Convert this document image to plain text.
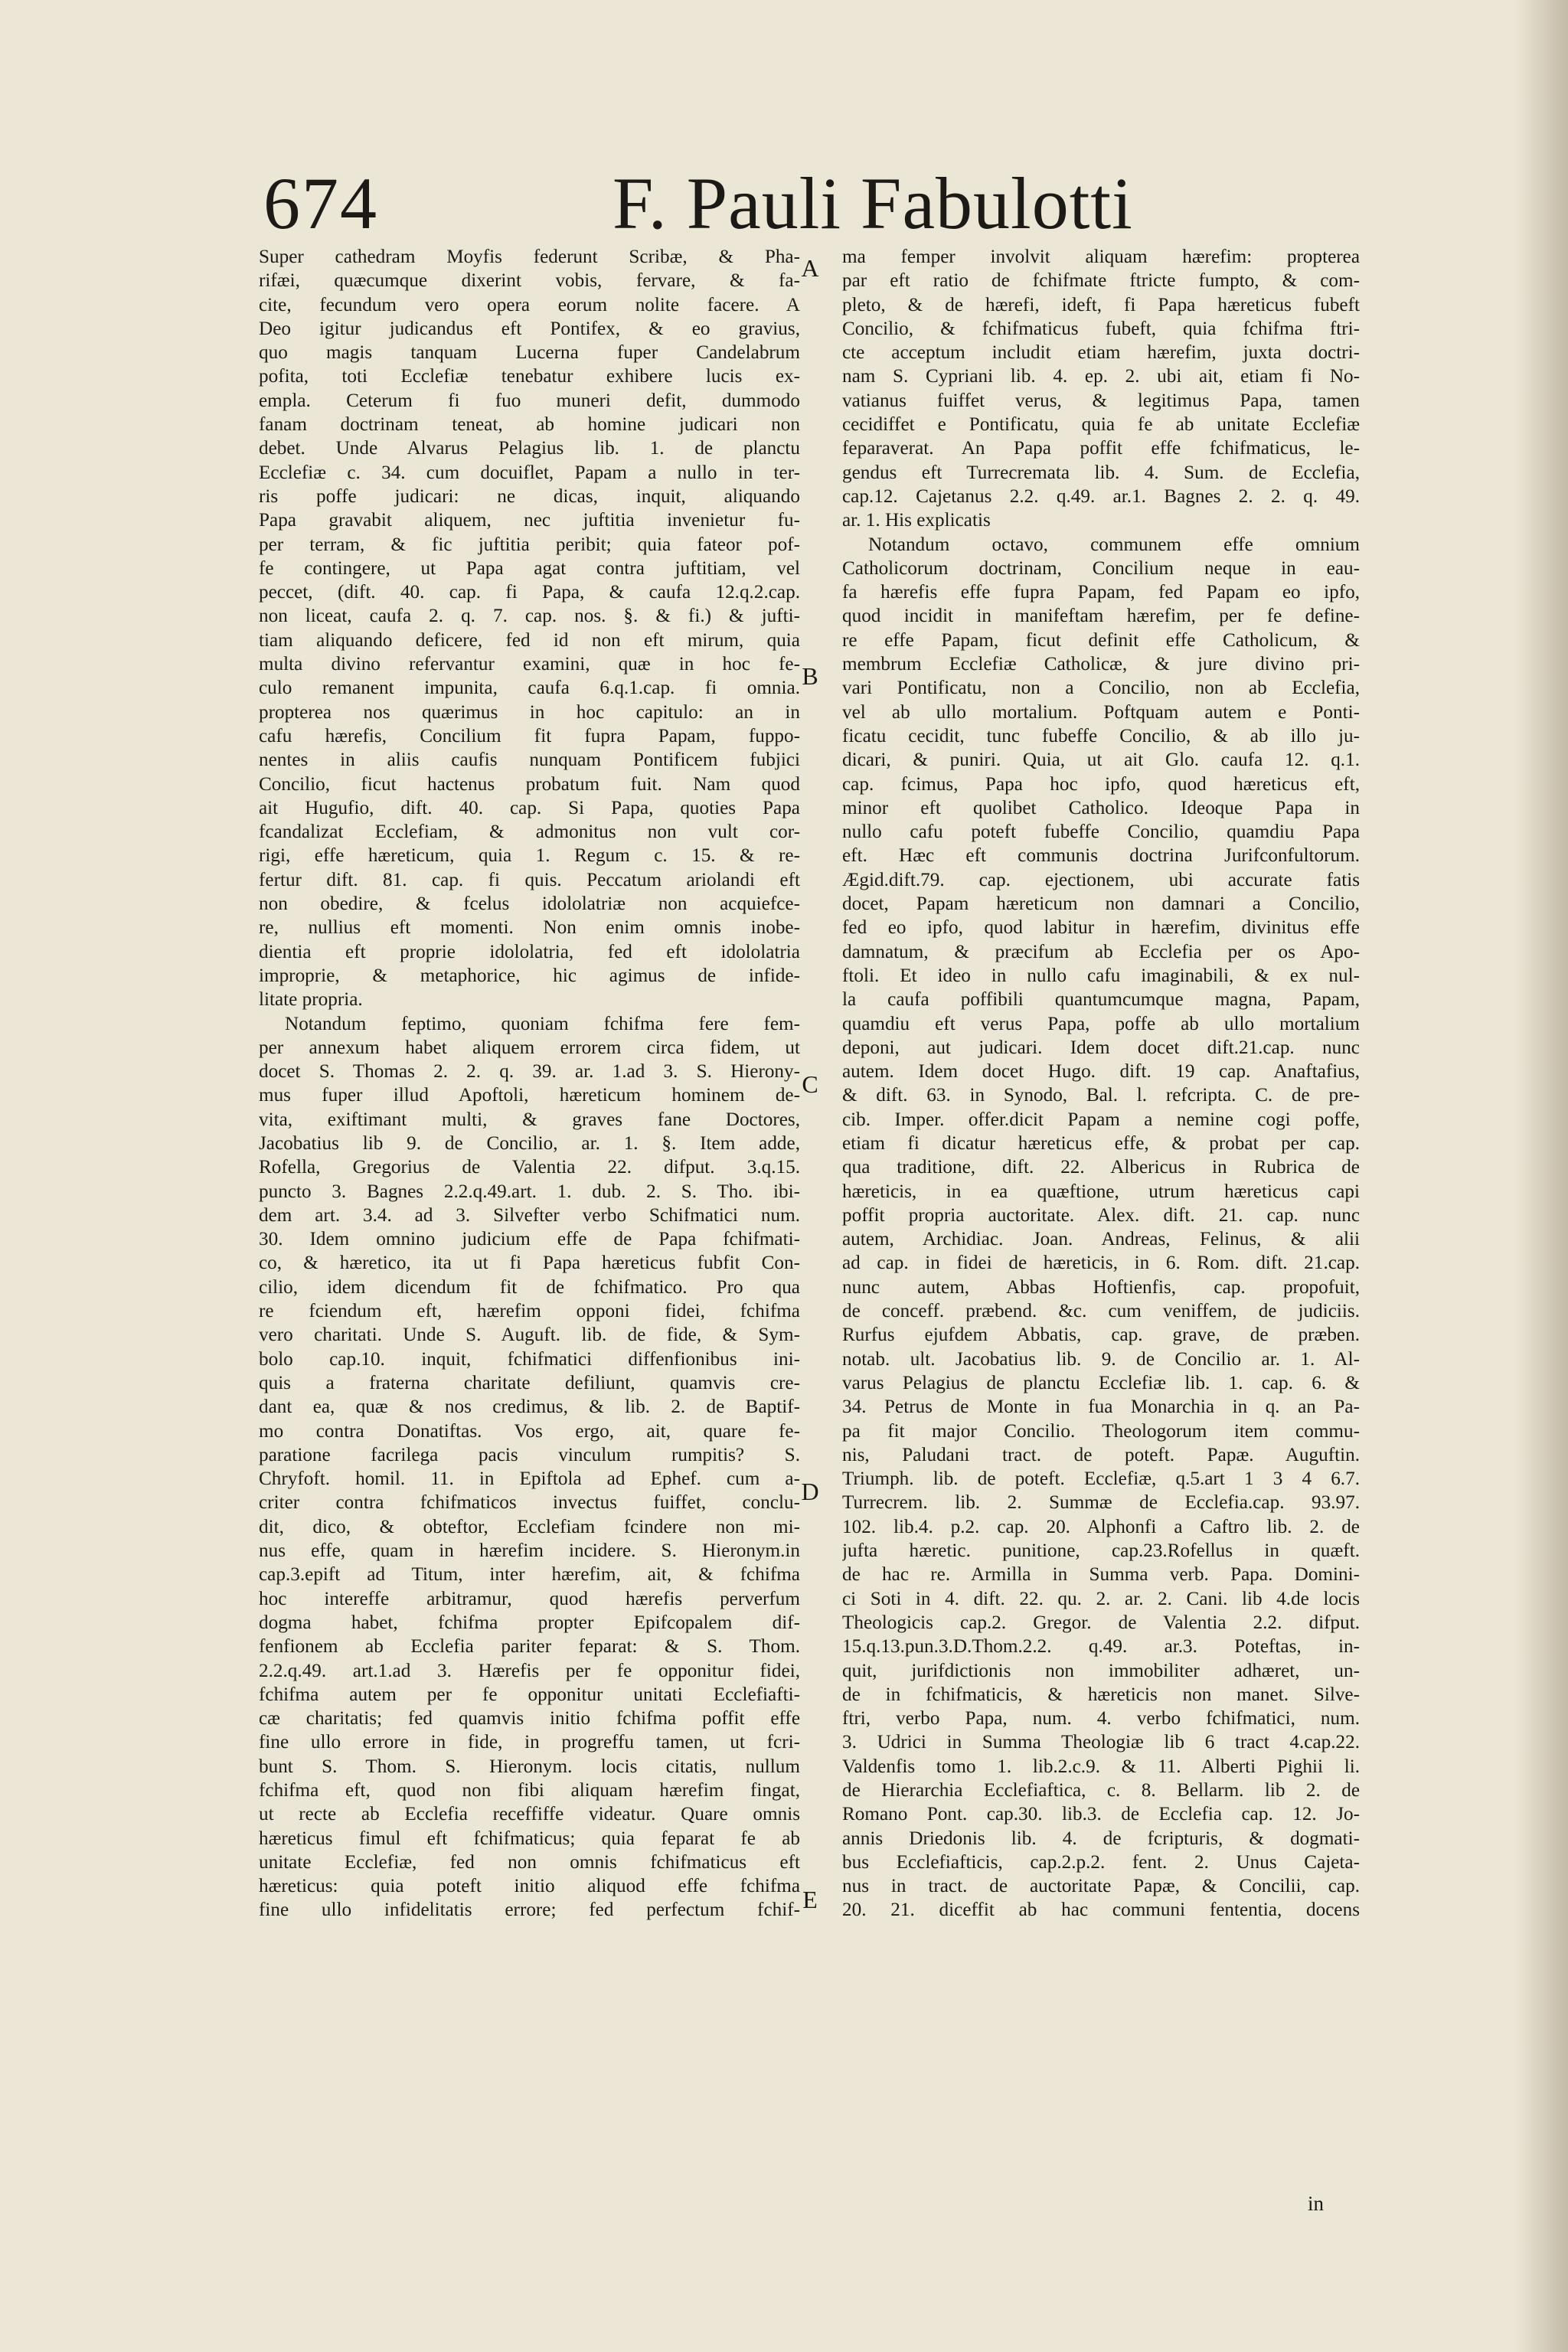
674	F. Pauli Fabulotti
Super cathedram Moyfis federunt Scribæ, & Pha-
rifæi, quæcumque dixerint vobis, fervare, & fa-
cite, fecundum vero opera eorum nolite facere. A
Deo igitur judicandus eft Pontifex, & eo gravius,
quo magis tanquam Lucerna fuper Candelabrum
pofita, toti Ecclefiæ tenebatur exhibere lucis ex-
empla. Ceterum fi fuo muneri defit, dummodo
fanam doctrinam teneat, ab homine judicari non
debet. Unde Alvarus Pelagius lib. 1. de planctu
Ecclefiæ c. 34. cum docuiflet, Papam a nullo in ter-
ris poffe judicari: ne dicas, inquit, aliquando
Papa gravabit aliquem, nec juftitia invenietur fu-
per terram, & fic juftitia peribit; quia fateor pof-
fe contingere, ut Papa agat contra juftitiam, vel
peccet, (dift. 40. cap. fi Papa, & caufa 12.q.2.cap.
non liceat, caufa 2. q. 7. cap. nos. §. & fi.) & jufti-
tiam aliquando deficere, fed id non eft mirum, quia
multa divino refervantur examini, quæ in hoc fe-
culo remanent impunita, caufa 6.q.1.cap. fi omnia.
propterea nos quærimus in hoc capitulo: an in
cafu hærefis, Concilium fit fupra Papam, fuppo-
nentes in aliis caufis nunquam Pontificem fubjici
Concilio, ficut hactenus probatum fuit. Nam quod
ait Hugufio, dift. 40. cap. Si Papa, quoties Papa
fcandalizat Ecclefiam, & admonitus non vult cor-
rigi, effe hæreticum, quia 1. Regum c. 15. & re-
fertur dift. 81. cap. fi quis. Peccatum ariolandi eft
non obedire, & fcelus idololatriæ non acquiefce-
re, nullius eft momenti. Non enim omnis inobe-
dientia eft proprie idololatria, fed eft idololatria
improprie, & metaphorice, hic agimus de infide-
litate propria.
Notandum feptimo, quoniam fchifma fere fem-
per annexum habet aliquem errorem circa fidem, ut
docet S. Thomas 2. 2. q. 39. ar. 1.ad 3. S. Hierony-
mus fuper illud Apoftoli, hæreticum hominem de-
vita, exiftimant multi, & graves fane Doctores,
Jacobatius lib 9. de Concilio, ar. 1. §. Item adde,
Rofella, Gregorius de Valentia 22. difput. 3.q.15.
puncto 3. Bagnes 2.2.q.49.art. 1. dub. 2. S. Tho. ibi-
dem art. 3.4. ad 3. Silvefter verbo Schifmatici num.
30. Idem omnino judicium effe de Papa fchifmati-
co, & hæretico, ita ut fi Papa hæreticus fubfit Con-
cilio, idem dicendum fit de fchifmatico. Pro qua
re fciendum eft, hærefim opponi fidei, fchifma
vero charitati. Unde S. Auguft. lib. de fide, & Sym-
bolo cap.10. inquit, fchifmatici diffenfionibus ini-
quis a fraterna charitate defiliunt, quamvis cre-
dant ea, quæ & nos credimus, & lib. 2. de Baptif-
mo contra Donatiftas. Vos ergo, ait, quare fe-
paratione facrilega pacis vinculum rumpitis? S.
Chryfoft. homil. 11. in Epiftola ad Ephef. cum a-
criter contra fchifmaticos invectus fuiffet, conclu-
dit, dico, & obteftor, Ecclefiam fcindere non mi-
nus effe, quam in hærefim incidere. S. Hieronym.in
cap.3.epift ad Titum, inter hærefim, ait, & fchifma
hoc intereffe arbitramur, quod hærefis perverfum
dogma habet, fchifma propter Epifcopalem dif-
fenfionem ab Ecclefia pariter feparat: & S. Thom.
2.2.q.49. art.1.ad 3. Hærefis per fe opponitur fidei,
fchifma autem per fe opponitur unitati Ecclefiafti-
cæ charitatis; fed quamvis initio fchifma poffit effe
fine ullo errore in fide, in progreffu tamen, ut fcri-
bunt S. Thom. S. Hieronym. locis citatis, nullum
fchifma eft, quod non fibi aliquam hærefim fingat,
ut recte ab Ecclefia receffiffe videatur. Quare omnis
hæreticus fimul eft fchifmaticus; quia feparat fe ab
unitate Ecclefiæ, fed non omnis fchifmaticus eft
hæreticus: quia poteft initio aliquod effe fchifma
fine ullo infidelitatis errore; fed perfectum fchif-
ma femper involvit aliquam hærefim: propterea
par eft ratio de fchifmate ftricte fumpto, & com-
pleto, & de hærefi, ideft, fi Papa hæreticus fubeft
Concilio, & fchifmaticus fubeft, quia fchifma ftri-
cte acceptum includit etiam hærefim, juxta doctri-
nam S. Cypriani lib. 4. ep. 2. ubi ait, etiam fi No-
vatianus fuiffet verus, & legitimus Papa, tamen
cecidiffet e Pontificatu, quia fe ab unitate Ecclefiæ
feparaverat. An Papa poffit effe fchifmaticus, le-
gendus eft Turrecremata lib. 4. Sum. de Ecclefia,
cap.12. Cajetanus 2.2. q.49. ar.1. Bagnes 2. 2. q. 49.
ar. 1. His explicatis
Notandum octavo, communem effe omnium
Catholicorum doctrinam, Concilium neque in eau-
fa hærefis effe fupra Papam, fed Papam eo ipfo,
quod incidit in manifeftam hærefim, per fe define-
re effe Papam, ficut definit effe Catholicum, &
membrum Ecclefiæ Catholicæ, & jure divino pri-
vari Pontificatu, non a Concilio, non ab Ecclefia,
vel ab ullo mortalium. Poftquam autem e Ponti-
ficatu cecidit, tunc fubeffe Concilio, & ab illo ju-
dicari, & puniri. Quia, ut ait Glo. caufa 12. q.1.
cap. fcimus, Papa hoc ipfo, quod hæreticus eft,
minor eft quolibet Catholico. Ideoque Papa in
nullo cafu poteft fubeffe Concilio, quamdiu Papa
eft. Hæc eft communis doctrina Jurifconfultorum.
Ægid.dift.79. cap. ejectionem, ubi accurate fatis
docet, Papam hæreticum non damnari a Concilio,
fed eo ipfo, quod labitur in hærefim, divinitus effe
damnatum, & præcifum ab Ecclefia per os Apo-
ftoli. Et ideo in nullo cafu imaginabili, & ex nul-
la caufa poffibili quantumcumque magna, Papam,
quamdiu eft verus Papa, poffe ab ullo mortalium
deponi, aut judicari. Idem docet dift.21.cap. nunc
autem. Idem docet Hugo. dift. 19 cap. Anaftafius,
& dift. 63. in Synodo, Bal. l. refcripta. C. de pre-
cib. Imper. offer.dicit Papam a nemine cogi poffe,
etiam fi dicatur hæreticus effe, & probat per cap.
qua traditione, dift. 22. Albericus in Rubrica de
hæreticis, in ea quæftione, utrum hæreticus capi
poffit propria auctoritate. Alex. dift. 21. cap. nunc
autem, Archidiac. Joan. Andreas, Felinus, & alii
ad cap. in fidei de hæreticis, in 6. Rom. dift. 21.cap.
nunc autem, Abbas Hoftienfis, cap. propofuit,
de conceff. præbend. &c. cum veniffem, de judiciis.
Rurfus ejufdem Abbatis, cap. grave, de præben.
notab. ult. Jacobatius lib. 9. de Concilio ar. 1. Al-
varus Pelagius de planctu Ecclefiæ lib. 1. cap. 6. &
34. Petrus de Monte in fua Monarchia in q. an Pa-
pa fit major Concilio. Theologorum item commu-
nis, Paludani tract. de poteft. Papæ. Auguftin.
Triumph. lib. de poteft. Ecclefiæ, q.5.art 1 3 4 6.7.
Turrecrem. lib. 2. Summæ de Ecclefia.cap. 93.97.
102. lib.4. p.2. cap. 20. Alphonfi a Caftro lib. 2. de
jufta hæretic. punitione, cap.23.Rofellus in quæft.
de hac re. Armilla in Summa verb. Papa. Domini-
ci Soti in 4. dift. 22. qu. 2. ar. 2. Cani. lib 4.de locis
Theologicis cap.2. Gregor. de Valentia 2.2. difput.
15.q.13.pun.3.D.Thom.2.2. q.49. ar.3. Poteftas, in-
quit, jurifdictionis non immobiliter adhæret, un-
de in fchifmaticis, & hæreticis non manet. Silve-
ftri, verbo Papa, num. 4. verbo fchifmatici, num.
3. Udrici in Summa Theologiæ lib 6 tract 4.cap.22.
Valdenfis tomo 1. lib.2.c.9. & 11. Alberti Pighii li.
de Hierarchia Ecclefiaftica, c. 8. Bellarm. lib 2. de
Romano Pont. cap.30. lib.3. de Ecclefia cap. 12. Jo-
annis Driedonis lib. 4. de fcripturis, & dogmati-
bus Ecclefiafticis, cap.2.p.2. fent. 2. Unus Cajeta-
nus in tract. de auctoritate Papæ, & Concilii, cap.
20. 21. diceffit ab hac communi fententia, docens
A
B
C
D
E
in
